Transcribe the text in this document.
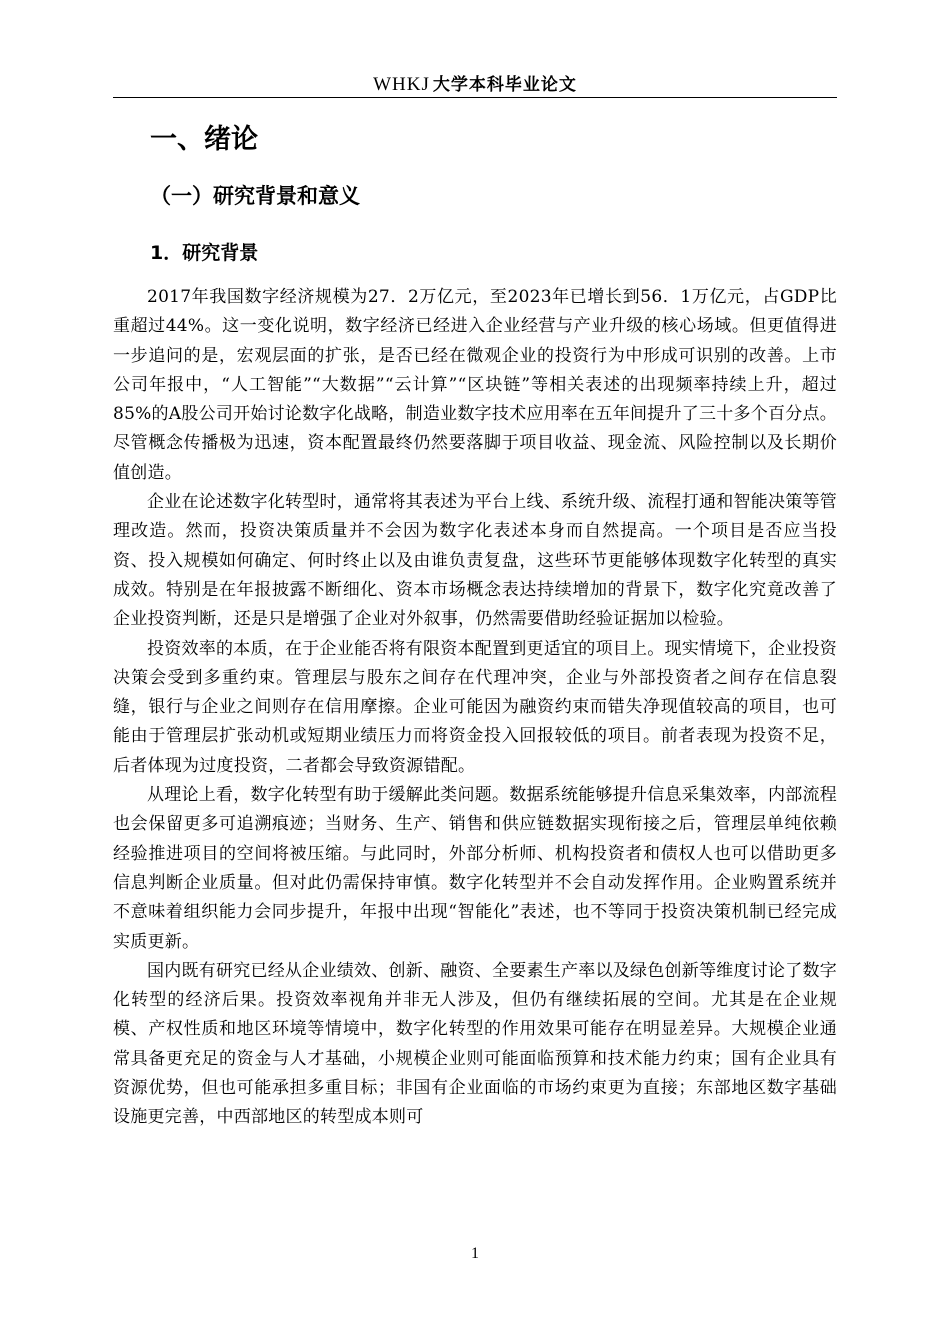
WHKJ 大学本科毕业论文
一、绪论
（一）研究背景和意义
1．研究背景

2017年我国数字经济规模为27．2万亿元，至2023年已增长到56．1万亿元，占GDP比重超过44%。这一变化说明，数字经济已经进入企业经营与产业升级的核心场域。但更值得进一步追问的是，宏观层面的扩张，是否已经在微观企业的投资行为中形成可识别的改善。上市公司年报中，“人工智能”“大数据”“云计算”“区块链”等相关表述的出现频率持续上升，超过85%的A股公司开始讨论数字化战略，制造业数字技术应用率在五年间提升了三十多个百分点。尽管概念传播极为迅速，资本配置最终仍然要落脚于项目收益、现金流、风险控制以及长期价值创造。

企业在论述数字化转型时，通常将其表述为平台上线、系统升级、流程打通和智能决策等管理改造。然而，投资决策质量并不会因为数字化表述本身而自然提高。一个项目是否应当投资、投入规模如何确定、何时终止以及由谁负责复盘，这些环节更能够体现数字化转型的真实成效。特别是在年报披露不断细化、资本市场概念表达持续增加的背景下，数字化究竟改善了企业投资判断，还是只是增强了企业对外叙事，仍然需要借助经验证据加以检验。

投资效率的本质，在于企业能否将有限资本配置到更适宜的项目上。现实情境下，企业投资决策会受到多重约束。管理层与股东之间存在代理冲突，企业与外部投资者之间存在信息裂缝，银行与企业之间则存在信用摩擦。企业可能因为融资约束而错失净现值较高的项目，也可能由于管理层扩张动机或短期业绩压力而将资金投入回报较低的项目。前者表现为投资不足，后者体现为过度投资，二者都会导致资源错配。

从理论上看，数字化转型有助于缓解此类问题。数据系统能够提升信息采集效率，内部流程也会保留更多可追溯痕迹；当财务、生产、销售和供应链数据实现衔接之后，管理层单纯依赖经验推进项目的空间将被压缩。与此同时，外部分析师、机构投资者和债权人也可以借助更多信息判断企业质量。但对此仍需保持审慎。数字化转型并不会自动发挥作用。企业购置系统并不意味着组织能力会同步提升，年报中出现“智能化”表述，也不等同于投资决策机制已经完成实质更新。

国内既有研究已经从企业绩效、创新、融资、全要素生产率以及绿色创新等维度讨论了数字化转型的经济后果。投资效率视角并非无人涉及，但仍有继续拓展的空间。尤其是在企业规模、产权性质和地区环境等情境中，数字化转型的作用效果可能存在明显差异。大规模企业通常具备更充足的资金与人才基础，小规模企业则可能面临预算和技术能力约束；国有企业具有资源优势，但也可能承担多重目标；非国有企业面临的市场约束更为直接；东部地区数字基础设施更完善，中西部地区的转型成本则可

1
